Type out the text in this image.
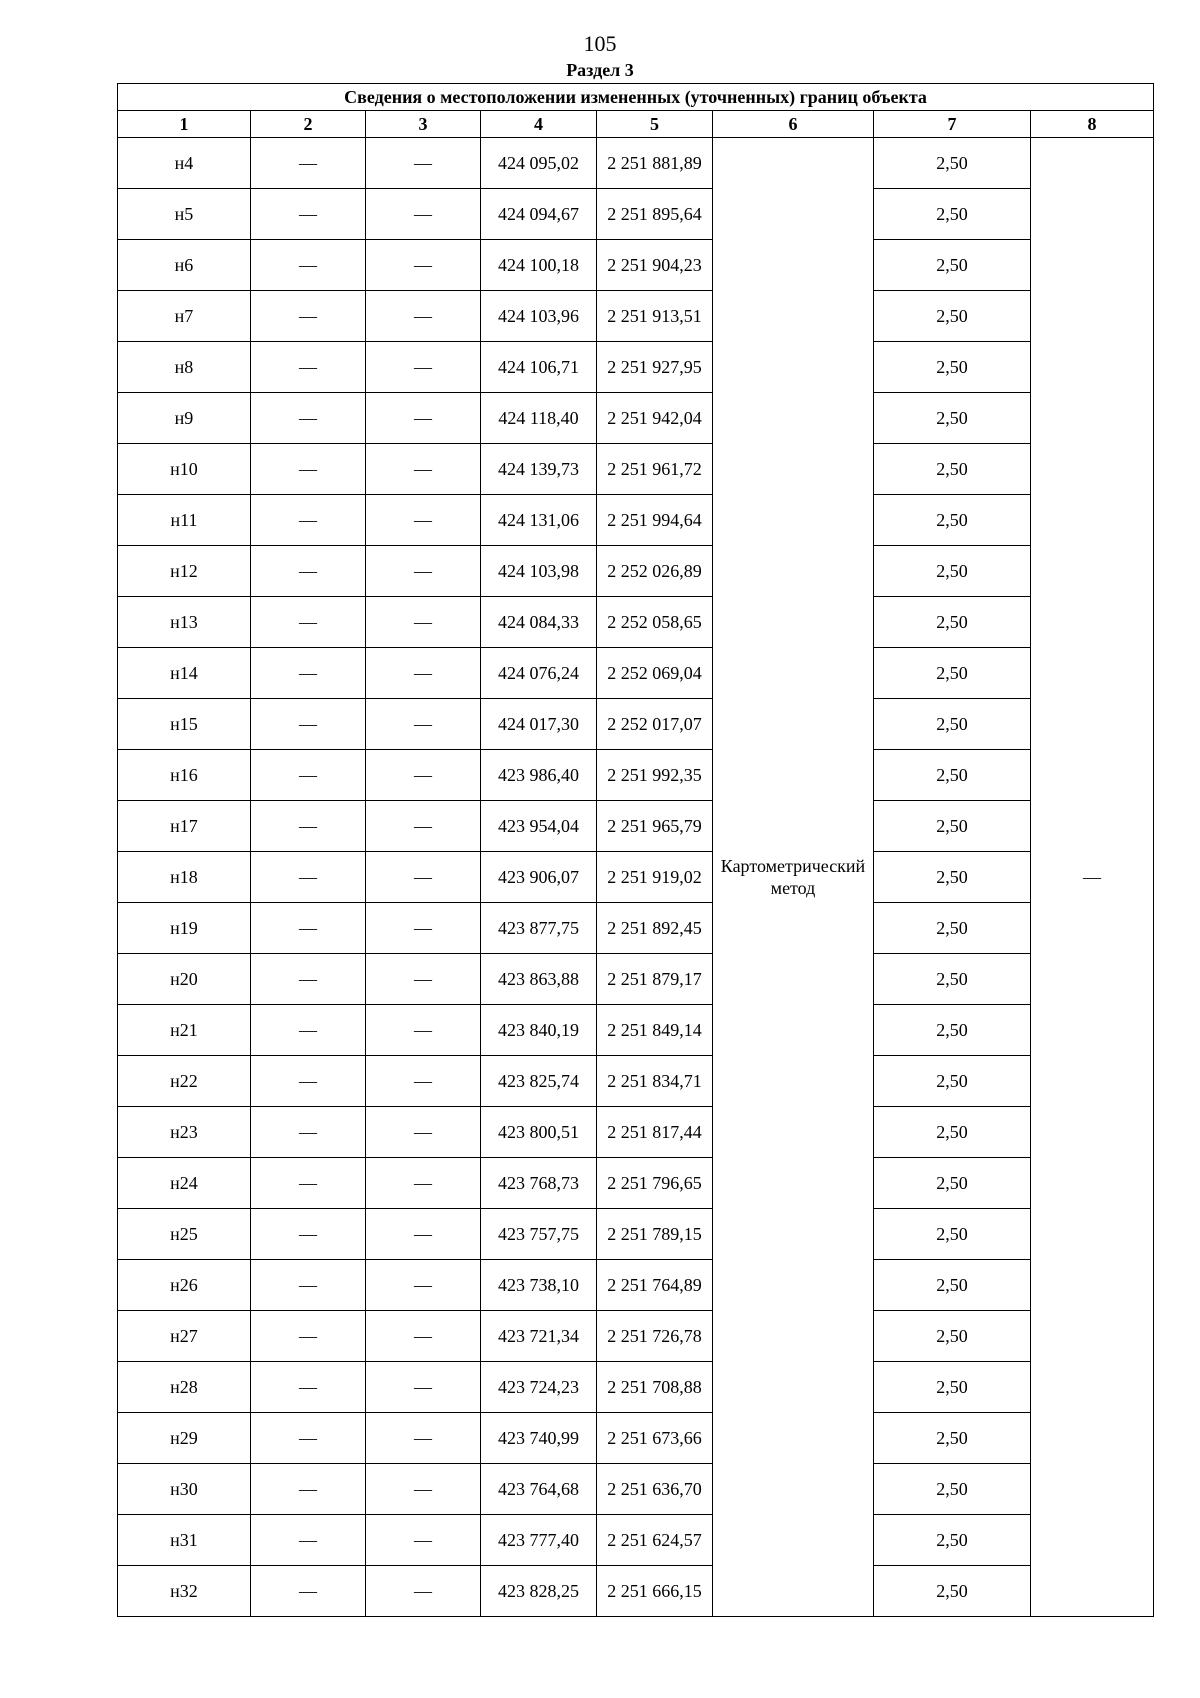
105
Раздел 3
Сведения о местоположении измененных (уточненных) границ объекта							
1	2	3	4	5	6	7	8
н4	—	—	424 095,02	2 251 881,89	Картометрический метод	2,50	—
н5	—	—	424 094,67	2 251 895,64		2,50	
н6	—	—	424 100,18	2 251 904,23		2,50	
н7	—	—	424 103,96	2 251 913,51		2,50	
н8	—	—	424 106,71	2 251 927,95		2,50	
н9	—	—	424 118,40	2 251 942,04		2,50	
н10	—	—	424 139,73	2 251 961,72		2,50	
н11	—	—	424 131,06	2 251 994,64		2,50	
н12	—	—	424 103,98	2 252 026,89		2,50	
н13	—	—	424 084,33	2 252 058,65		2,50	
н14	—	—	424 076,24	2 252 069,04		2,50	
н15	—	—	424 017,30	2 252 017,07		2,50	
н16	—	—	423 986,40	2 251 992,35		2,50	
н17	—	—	423 954,04	2 251 965,79		2,50	
н18	—	—	423 906,07	2 251 919,02		2,50	
н19	—	—	423 877,75	2 251 892,45		2,50	
н20	—	—	423 863,88	2 251 879,17		2,50	
н21	—	—	423 840,19	2 251 849,14		2,50	
н22	—	—	423 825,74	2 251 834,71		2,50	
н23	—	—	423 800,51	2 251 817,44		2,50	
н24	—	—	423 768,73	2 251 796,65		2,50	
н25	—	—	423 757,75	2 251 789,15		2,50	
н26	—	—	423 738,10	2 251 764,89		2,50	
н27	—	—	423 721,34	2 251 726,78		2,50	
н28	—	—	423 724,23	2 251 708,88		2,50	
н29	—	—	423 740,99	2 251 673,66		2,50	
н30	—	—	423 764,68	2 251 636,70		2,50	
н31	—	—	423 777,40	2 251 624,57		2,50	
н32	—	—	423 828,25	2 251 666,15		2,50	
